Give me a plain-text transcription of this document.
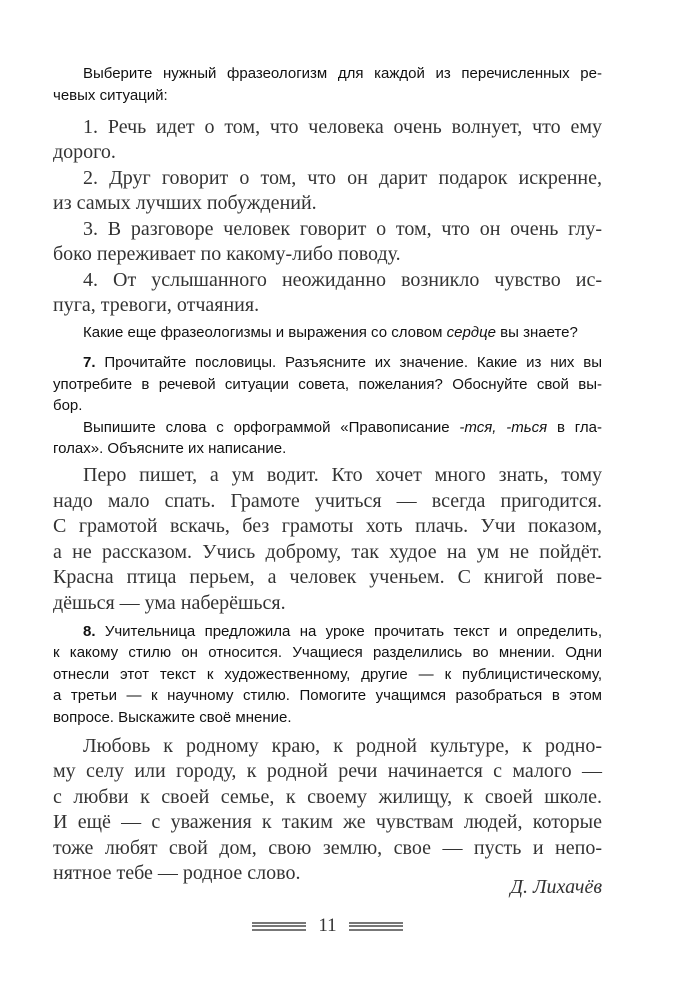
Выберите нужный фразеологизм для каждой из перечисленных ре-
чевых ситуаций:
1. Речь идет о том, что человека очень волнует, что ему
дорого.
2. Друг говорит о том, что он дарит подарок искренне,
из самых лучших побуждений.
3. В разговоре человек говорит о том, что он очень глу-
боко переживает по какому-либо поводу.
4. От услышанного неожиданно возникло чувство ис-
пуга, тревоги, отчаяния.
Какие еще фразеологизмы и выражения со словом сердце вы знаете?
7. Прочитайте пословицы. Разъясните их значение. Какие из них вы
употребите в речевой ситуации совета, пожелания? Обоснуйте свой вы-
бор.
Выпишите слова с орфограммой «Правописание -тся, -ться в гла-
голах». Объясните их написание.
Перо пишет, а ум водит. Кто хочет много знать, тому
надо мало спать. Грамоте учиться — всегда пригодится.
С грамотой вскачь, без грамоты хоть плачь. Учи показом,
а не рассказом. Учись доброму, так худое на ум не пойдёт.
Красна птица перьем, а человек ученьем. С книгой пове-
дёшься — ума наберёшься.
8. Учительница предложила на уроке прочитать текст и определить,
к какому стилю он относится. Учащиеся разделились во мнении. Одни
отнесли этот текст к художественному, другие — к публицистическому,
а третьи — к научному стилю. Помогите учащимся разобраться в этом
вопросе. Выскажите своё мнение.
Любовь к родному краю, к родной культуре, к родно-
му селу или городу, к родной речи начинается с малого —
с любви к своей семье, к своему жилищу, к своей школе.
И ещё — с уважения к таким же чувствам людей, которые
тоже любят свой дом, свою землю, свое — пусть и непо-
нятное тебе — родное слово.
Д. Лихачёв
11
